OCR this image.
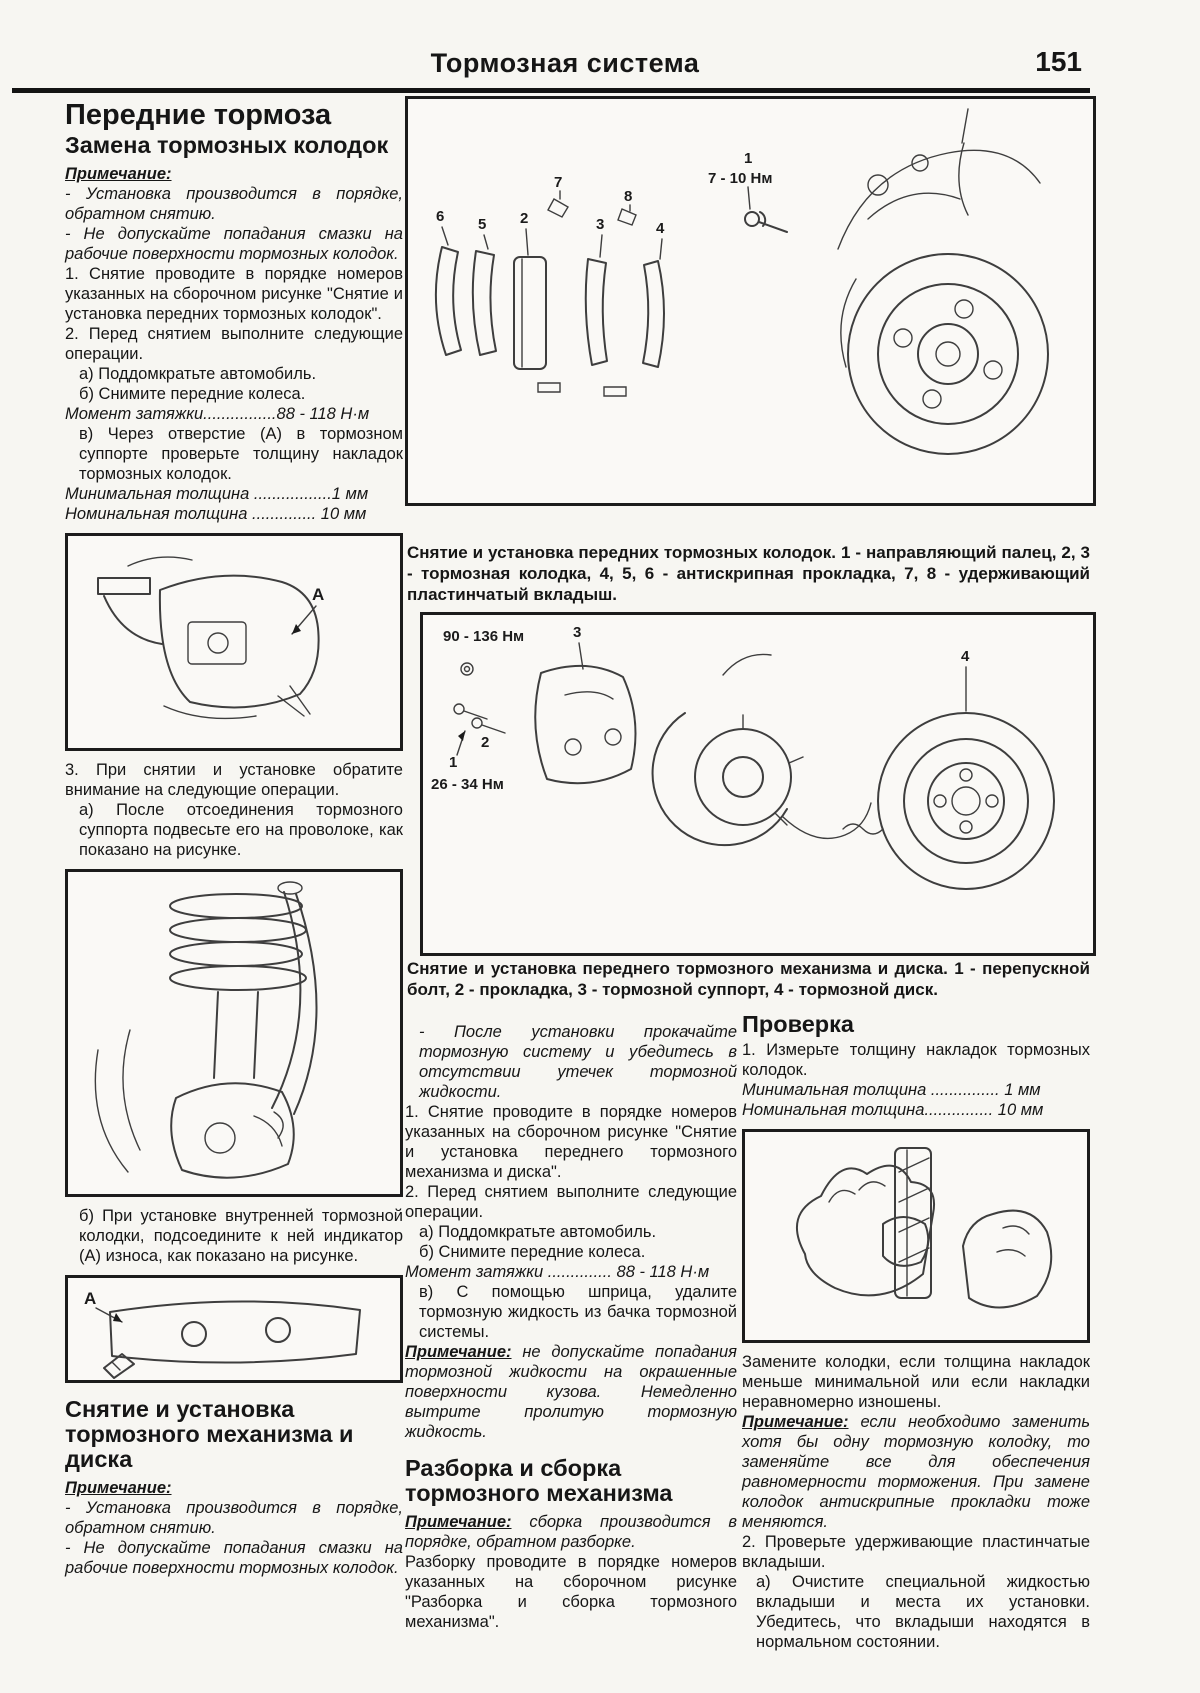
Тормозная система	151
Передние тормоза
Замена тормозных колодок

Примечание:

- Установка производится в порядке, обратном снятию.

- Не допускайте попадания смазки на рабочие поверхности тормозных колодок.

1. Снятие проводите в порядке номеров указанных на сборочном рисунке "Снятие и установка передних тормозных колодок".

2. Перед снятием выполните следующие операции.

а) Поддомкратьте автомобиль.

б) Снимите передние колеса.

Момент затяжки................88 - 118 Н·м

в) Через отверстие (А) в тормозном суппорте проверьте толщину накладок тормозных колодок.

Минимальная толщина .................1 мм

Номинальная толщина .............. 10 мм

A

3. При снятии и установке обратите внимание на следующие операции.

а) После отсоединения тормозного суппорта подвесьте его на проволоке, как показано на рисунке.

б) При установке внутренней тормозной колодки, подсоедините к ней индикатор (А) износа, как показано на рисунке.

A
Снятие и установка тормозного механизма и диска

Примечание:

- Установка производится в порядке, обратном снятию.

- Не допускайте попадания смазки на рабочие поверхности тормозных колодок.

6 5 2
7
3
8
4
1
7 - 10 Нм
Снятие и установка передних тормозных колодок. 1 - направляющий палец, 2, 3 - тормозная колодка, 4, 5, 6 - антискрипная прокладка, 7, 8 - удерживающий пластинчатый вкладыш.
90 - 136 Нм
2
1
26 - 34 Нм
3
4
Снятие и установка переднего тормозного механизма и диска. 1 - перепускной болт, 2 - прокладка, 3 - тормозной суппорт, 4 - тормозной диск.

- После установки прокачайте тормозную систему и убедитесь в отсутствии утечек тормозной жидкости.

1. Снятие проводите в порядке номеров указанных на сборочном рисунке "Снятие и установка переднего тормозного механизма и диска".

2. Перед снятием выполните следующие операции.

а) Поддомкратьте автомобиль.

б) Снимите передние колеса.

Момент затяжки .............. 88 - 118 Н·м

в) С помощью шприца, удалите тормозную жидкость из бачка тормозной системы.

Примечание: не допускайте попадания тормозной жидкости на окрашенные поверхности кузова. Немедленно вытрите пролитую тормозную жидкость.

Разборка и сборка тормозного механизма

Примечание: сборка производится в порядке, обратном разборке.

Разборку проводите в порядке номеров указанных на сборочном рисунке "Разборка и сборка тормозного механизма".

Проверка

1. Измерьте толщину накладок тормозных колодок.

Минимальная толщина ............... 1 мм

Номинальная толщина............... 10 мм

Замените колодки, если толщина накладок меньше минимальной или если накладки неравномерно изношены.

Примечание: если необходимо заменить хотя бы одну тормозную колодку, то заменяйте все для обеспечения равномерности торможения. При замене колодок антискрипные прокладки тоже меняются.

2. Проверьте удерживающие пластинчатые вкладыши.

а) Очистите специальной жидкостью вкладыши и места их установки. Убедитесь, что вкладыши находятся в нормальном состоянии.
